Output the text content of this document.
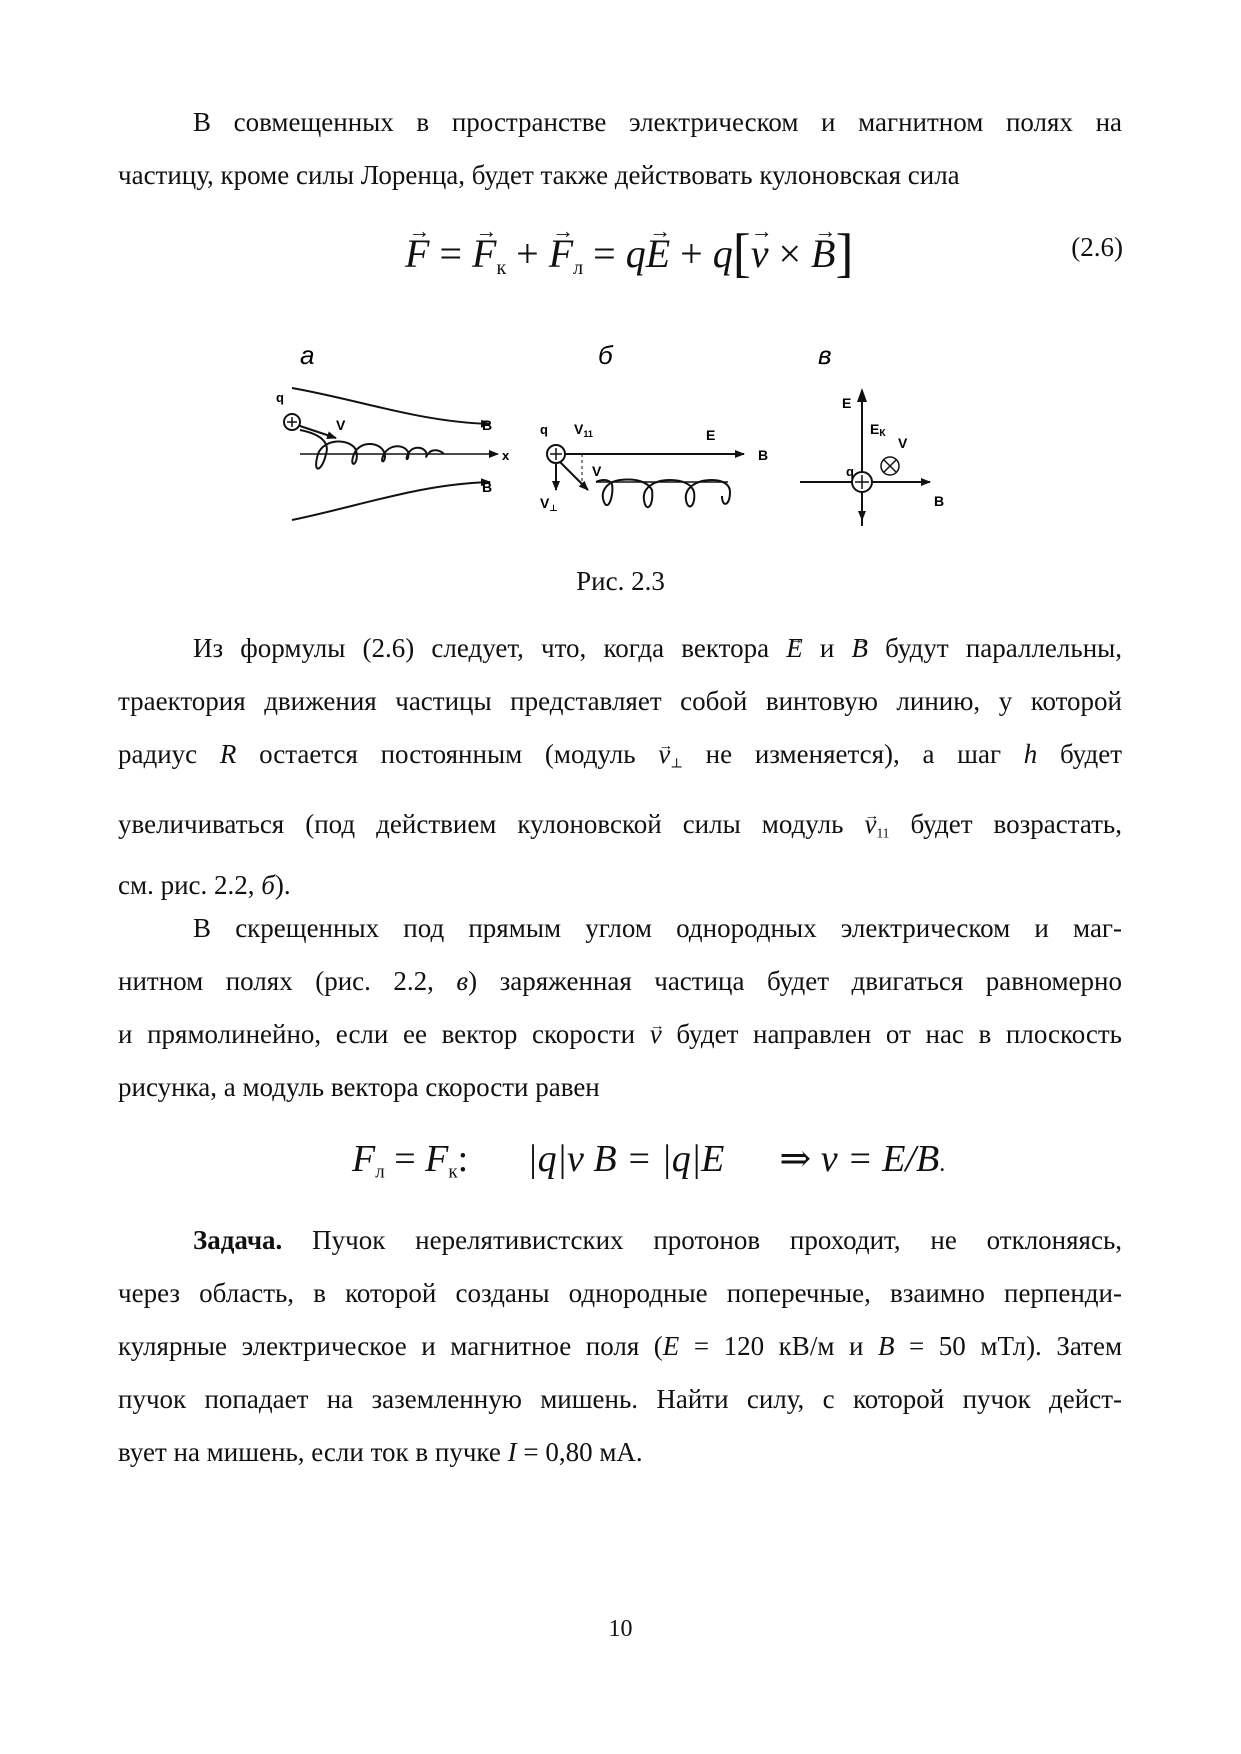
В совмещенных в пространстве электрическом и магнитном полях на
частицу, кроме силы Лоренца, будет также действовать кулоновская сила
→ F = → $F_к$ + → $F_л = q\to E + q[\to v$ × → B]	(2.6)
а	б	в
q
V	B
B
x
q $V_{11}$
V
$V_\perp$
E
B
E
EК
V
q
B
Рис. 2.3
Из формулы (2.6) следует, что, когда вектора → E и → B будут параллельны,
траектория движения частицы представляет собой винтовую линию, у которой
радиус R остается постоянным (модуль → $v_\perp$ не изменяется), а шаг h будет
увеличиваться (под действием кулоновской силы модуль → $v_{11}$ будет возрастать,
см. рис. 2.2, б).
В скрещенных под прямым углом однородных электрическом и маг-
нитном полях (рис. 2.2, в) заряженная частица будет двигаться равномерно
и прямолинейно, если ее вектор скорости → v будет направлен от нас в плоскость
рисунка, а модуль вектора скорости равен
$F_л = F_к$: |q|ν B = |q|E ⇒ ν = E/B.
Задача. Пучок нерелятивистских протонов проходит, не отклоняясь,
через область, в которой созданы однородные поперечные, взаимно перпенди-
кулярные электрическое и магнитное поля (E = 120 кВ/м и B = 50 мТл). Затем
пучок попадает на заземленную мишень. Найти силу, с которой пучок дейст-
вует на мишень, если ток в пучке I = 0,80 мА.
10
